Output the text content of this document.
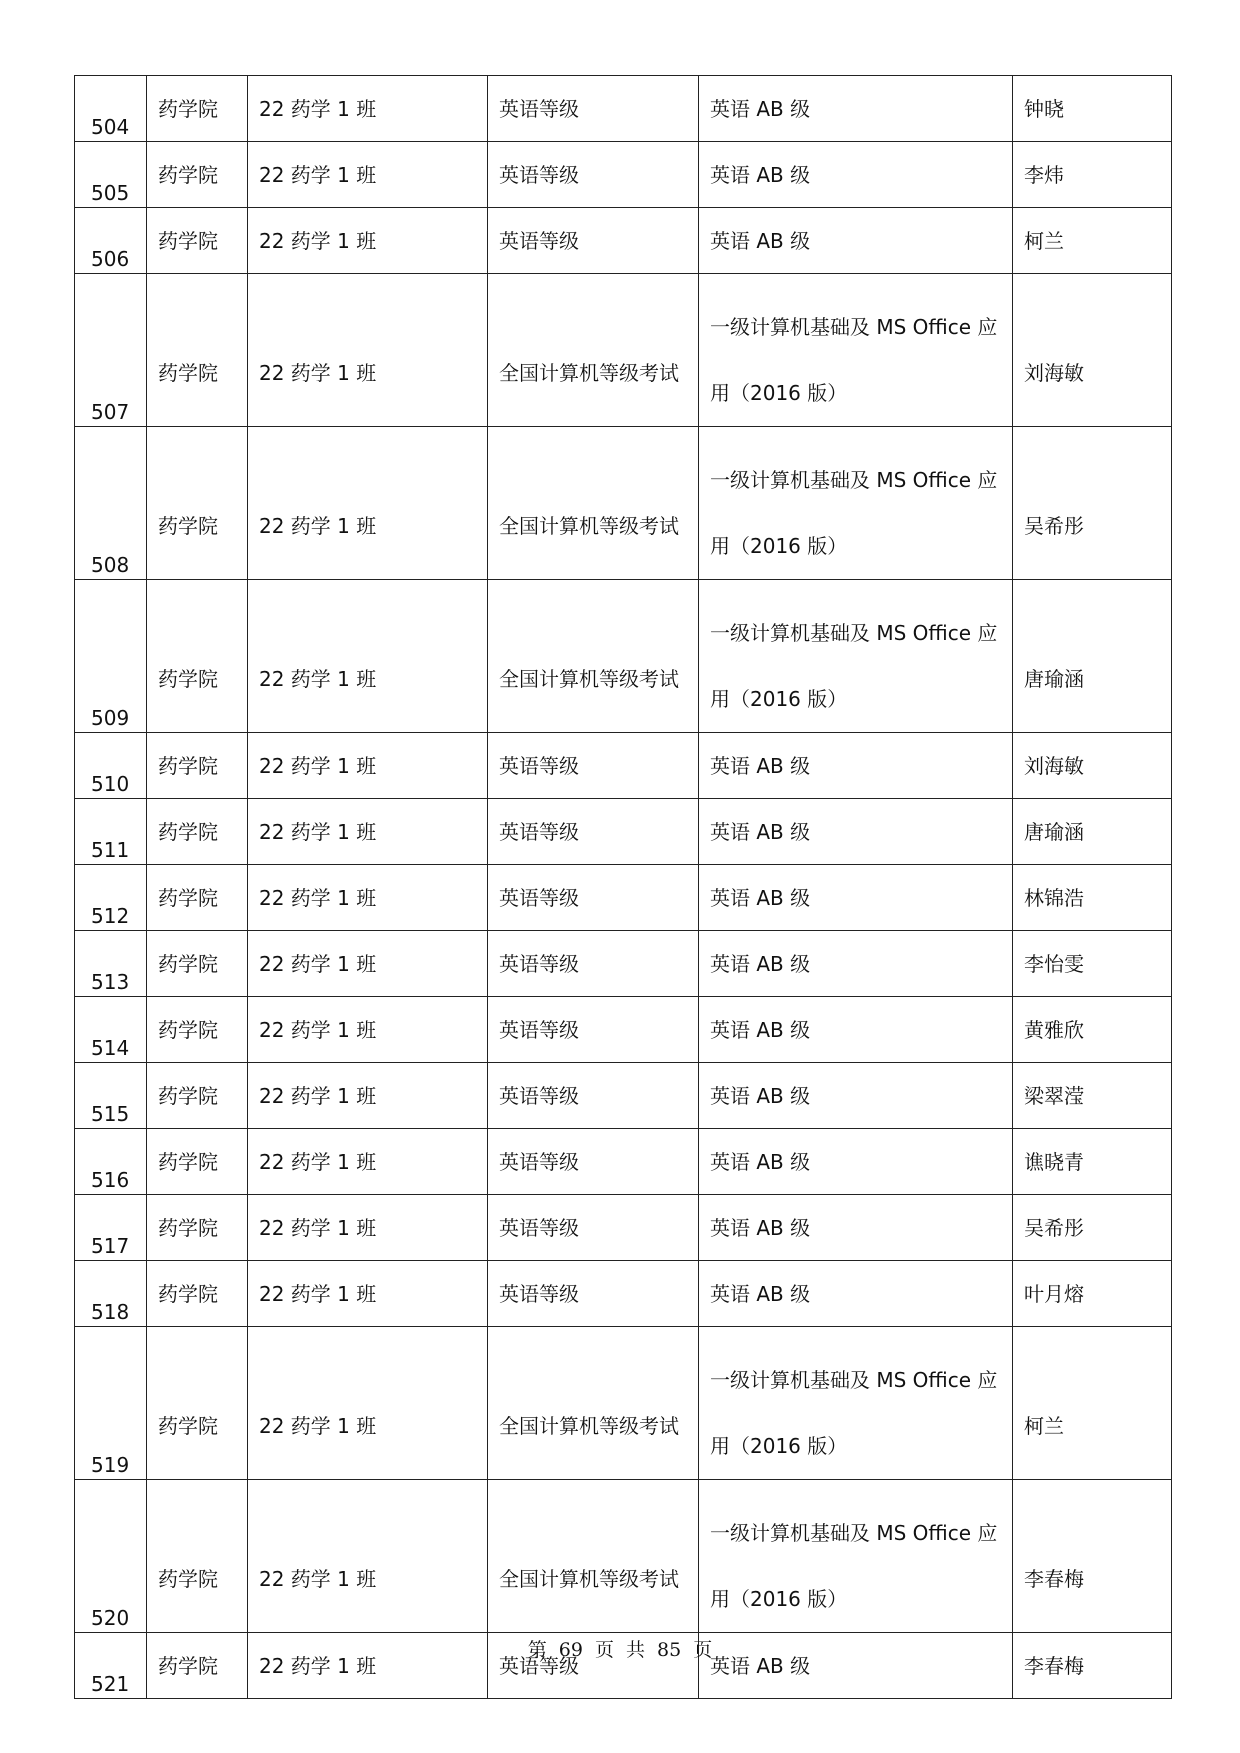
504	药学院	22 药学 1 班	英语等级	英语 AB 级	钟晓
505	药学院	22 药学 1 班	英语等级	英语 AB 级	李炜
506	药学院	22 药学 1 班	英语等级	英语 AB 级	柯兰
507	药学院	22 药学 1 班	全国计算机等级考试	一级计算机基础及 MS Office 应用（2016 版）	刘海敏
508	药学院	22 药学 1 班	全国计算机等级考试	一级计算机基础及 MS Office 应用（2016 版）	吴希彤
509	药学院	22 药学 1 班	全国计算机等级考试	一级计算机基础及 MS Office 应用（2016 版）	唐瑜涵
510	药学院	22 药学 1 班	英语等级	英语 AB 级	刘海敏
511	药学院	22 药学 1 班	英语等级	英语 AB 级	唐瑜涵
512	药学院	22 药学 1 班	英语等级	英语 AB 级	林锦浩
513	药学院	22 药学 1 班	英语等级	英语 AB 级	李怡雯
514	药学院	22 药学 1 班	英语等级	英语 AB 级	黄雅欣
515	药学院	22 药学 1 班	英语等级	英语 AB 级	梁翠滢
516	药学院	22 药学 1 班	英语等级	英语 AB 级	谯晓青
517	药学院	22 药学 1 班	英语等级	英语 AB 级	吴希彤
518	药学院	22 药学 1 班	英语等级	英语 AB 级	叶月熔
519	药学院	22 药学 1 班	全国计算机等级考试	一级计算机基础及 MS Office 应用（2016 版）	柯兰
520	药学院	22 药学 1 班	全国计算机等级考试	一级计算机基础及 MS Office 应用（2016 版）	李春梅
521	药学院	22 药学 1 班	英语等级	英语 AB 级	李春梅
第 69 页 共 85 页
